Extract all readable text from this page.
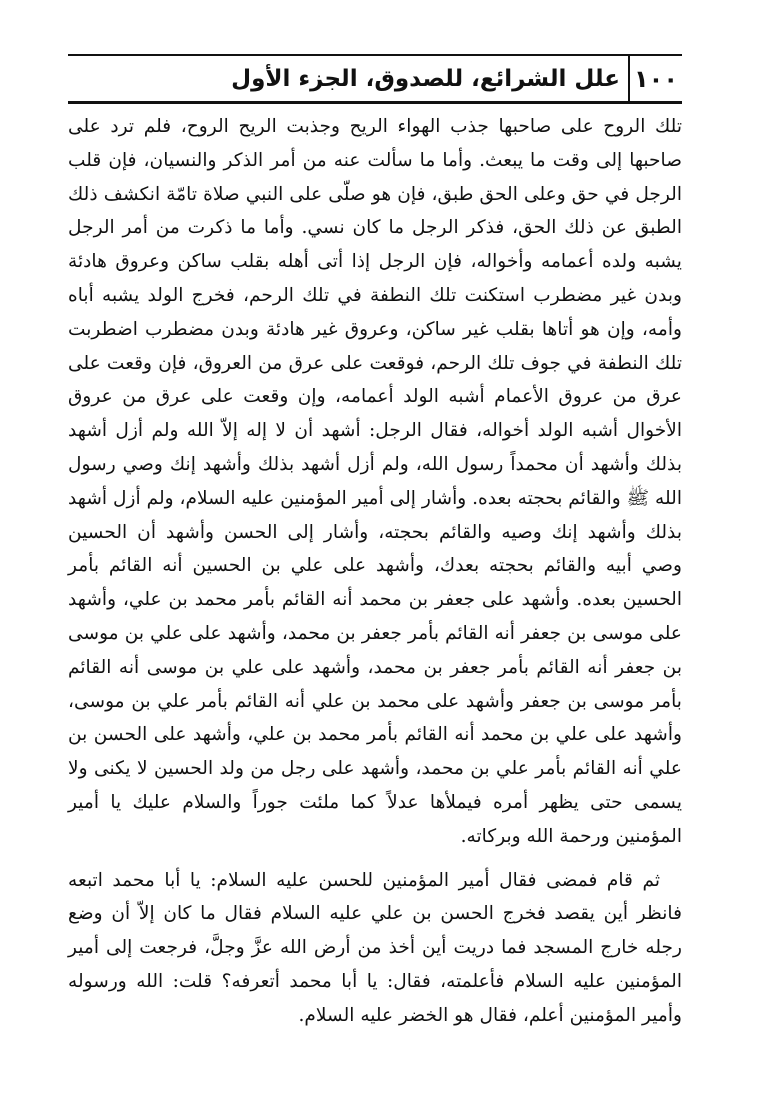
١٠٠
علل الشرائع، للصدوق، الجزء الأول

تلك الروح على صاحبها جذب الهواء الريح وجذبت الريح الروح، فلم ترد على صاحبها إلى وقت ما يبعث. وأما ما سألت عنه من أمر الذكر والنسيان، فإن قلب الرجل في حق وعلى الحق طبق، فإن هو صلّى على النبي صلاة تامّة انكشف ذلك الطبق عن ذلك الحق، فذكر الرجل ما كان نسي. وأما ما ذكرت من أمر الرجل يشبه ولده أعمامه وأخواله، فإن الرجل إذا أتى أهله بقلب ساكن وعروق هادئة وبدن غير مضطرب استكنت تلك النطفة في تلك الرحم، فخرج الولد يشبه أباه وأمه، وإن هو أتاها بقلب غير ساكن، وعروق غير هادئة وبدن مضطرب اضطربت تلك النطفة في جوف تلك الرحم، فوقعت على عرق من العروق، فإن وقعت على عرق من عروق الأعمام أشبه الولد أعمامه، وإن وقعت على عرق من عروق الأخوال أشبه الولد أخواله، فقال الرجل: أشهد أن لا إله إلاّ الله ولم أزل أشهد بذلك وأشهد أن محمداً رسول الله، ولم أزل أشهد بذلك وأشهد إنك وصي رسول الله ﷺ والقائم بحجته بعده. وأشار إلى أمير المؤمنين عليه السلام، ولم أزل أشهد بذلك وأشهد إنك وصيه والقائم بحجته، وأشار إلى الحسن وأشهد أن الحسين وصي أبيه والقائم بحجته بعدك، وأشهد على علي بن الحسين أنه القائم بأمر الحسين بعده. وأشهد على جعفر بن محمد أنه القائم بأمر محمد بن علي، وأشهد على موسى بن جعفر أنه القائم بأمر جعفر بن محمد، وأشهد على علي بن موسى بن جعفر أنه القائم بأمر جعفر بن محمد، وأشهد على علي بن موسى أنه القائم بأمر موسى بن جعفر وأشهد على محمد بن علي أنه القائم بأمر علي بن موسى، وأشهد على علي بن محمد أنه القائم بأمر محمد بن علي، وأشهد على الحسن بن علي أنه القائم بأمر علي بن محمد، وأشهد على رجل من ولد الحسين لا يكنى ولا يسمى حتى يظهر أمره فيملأها عدلاً كما ملئت جوراً والسلام عليك يا أمير المؤمنين ورحمة الله وبركاته.

ثم قام فمضى فقال أمير المؤمنين للحسن عليه السلام: يا أبا محمد اتبعه فانظر أين يقصد فخرج الحسن بن علي عليه السلام فقال ما كان إلاّ أن وضع رجله خارج المسجد فما دريت أين أخذ من أرض الله عزَّ وجلَّ، فرجعت إلى أمير المؤمنين عليه السلام فأعلمته، فقال: يا أبا محمد أتعرفه؟ قلت: الله ورسوله وأمير المؤمنين أعلم، فقال هو الخضر عليه السلام.
